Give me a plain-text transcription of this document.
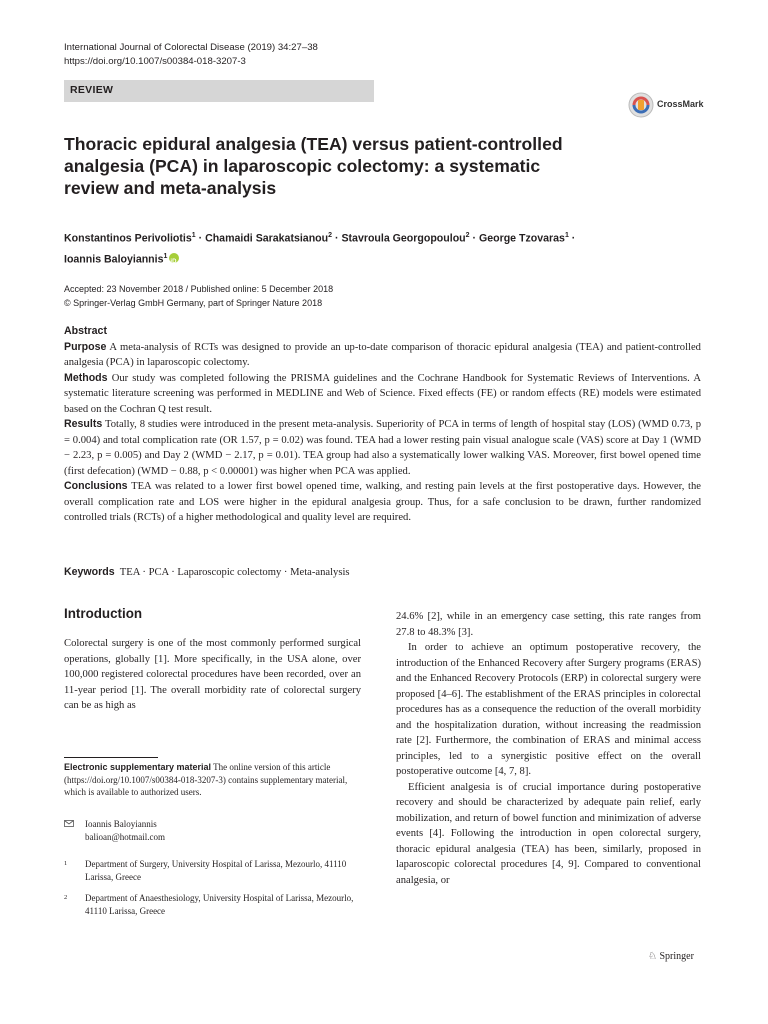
International Journal of Colorectal Disease (2019) 34:27–38
https://doi.org/10.1007/s00384-018-3207-3
REVIEW
CrossMark
Thoracic epidural analgesia (TEA) versus patient-controlled analgesia (PCA) in laparoscopic colectomy: a systematic review and meta-analysis
Konstantinos Perivoliotis$^1$ · Chamaidi Sarakatsianou$^2$ · Stavroula Georgopoulou$^2$ · George Tzovaras$^1$ ·
Ioannis Baloyiannis$^1$iD
Accepted: 23 November 2018 / Published online: 5 December 2018
© Springer-Verlag GmbH Germany, part of Springer Nature 2018
Abstract

Purpose A meta-analysis of RCTs was designed to provide an up-to-date comparison of thoracic epidural analgesia (TEA) and patient-controlled analgesia (PCA) in laparoscopic colectomy.

Methods Our study was completed following the PRISMA guidelines and the Cochrane Handbook for Systematic Reviews of Interventions. A systematic literature screening was performed in MEDLINE and Web of Science. Fixed effects (FE) or random effects (RE) models were estimated based on the Cochran Q test result.

Results Totally, 8 studies were introduced in the present meta-analysis. Superiority of PCA in terms of length of hospital stay (LOS) (WMD 0.73, p = 0.004) and total complication rate (OR 1.57, p = 0.02) was found. TEA had a lower resting pain visual analogue scale (VAS) score at Day 1 (WMD − 2.23, p = 0.005) and Day 2 (WMD − 2.17, p = 0.01). TEA group had also a systematically lower walking VAS. Moreover, first bowel opened time (first defecation) (WMD − 0.88, p < 0.00001) was higher when PCA was applied.

Conclusions TEA was related to a lower first bowel opened time, walking, and resting pain levels at the first postoperative days. However, the overall complication rate and LOS were higher in the epidural analgesia group. Thus, for a safe conclusion to be drawn, further randomized controlled trials (RCTs) of a higher methodological and quality level are required.

Keywords TEA · PCA · Laparoscopic colectomy · Meta-analysis
Introduction

Colorectal surgery is one of the most commonly performed surgical operations, globally [1]. More specifically, in the USA alone, over 100,000 registered colorectal procedures have been recorded, over an 11-year period [1]. The overall morbidity rate of colorectal surgery can be as high as

24.6% [2], while in an emergency case setting, this rate ranges from 27.8 to 48.3% [3].

In order to achieve an optimum postoperative recovery, the introduction of the Enhanced Recovery after Surgery programs (ERAS) and the Enhanced Recovery Protocols (ERP) in colorectal surgery were proposed [4–6]. The establishment of the ERAS principles in colorectal procedures has as a consequence the reduction of the overall morbidity and the hospitalization duration, without increasing the readmission rate [2]. Furthermore, the combination of ERAS and minimal access principles, led to a synergistic positive effect on the overall postoperative outcome [4, 7, 8].

Efficient analgesia is of crucial importance during postoperative recovery and should be characterized by adequate pain relief, early mobilization, and return of bowel function and minimization of adverse events [4]. Following the introduction in open colorectal surgery, thoracic epidural analgesia (TEA) has been, similarly, proposed in laparoscopic colorectal procedures [4, 9]. Compared to conventional analgesia, or

Electronic supplementary material The online version of this article (https://doi.org/10.1007/s00384-018-3207-3) contains supplementary material, which is available to authorized users.
Ioannis Baloyiannis
balioan@hotmail.com
1 Department of Surgery, University Hospital of Larissa, Mezourlo, 41110 Larissa, Greece
2 Department of Anaesthesiology, University Hospital of Larissa, Mezourlo, 41110 Larissa, Greece
♘ Springer
